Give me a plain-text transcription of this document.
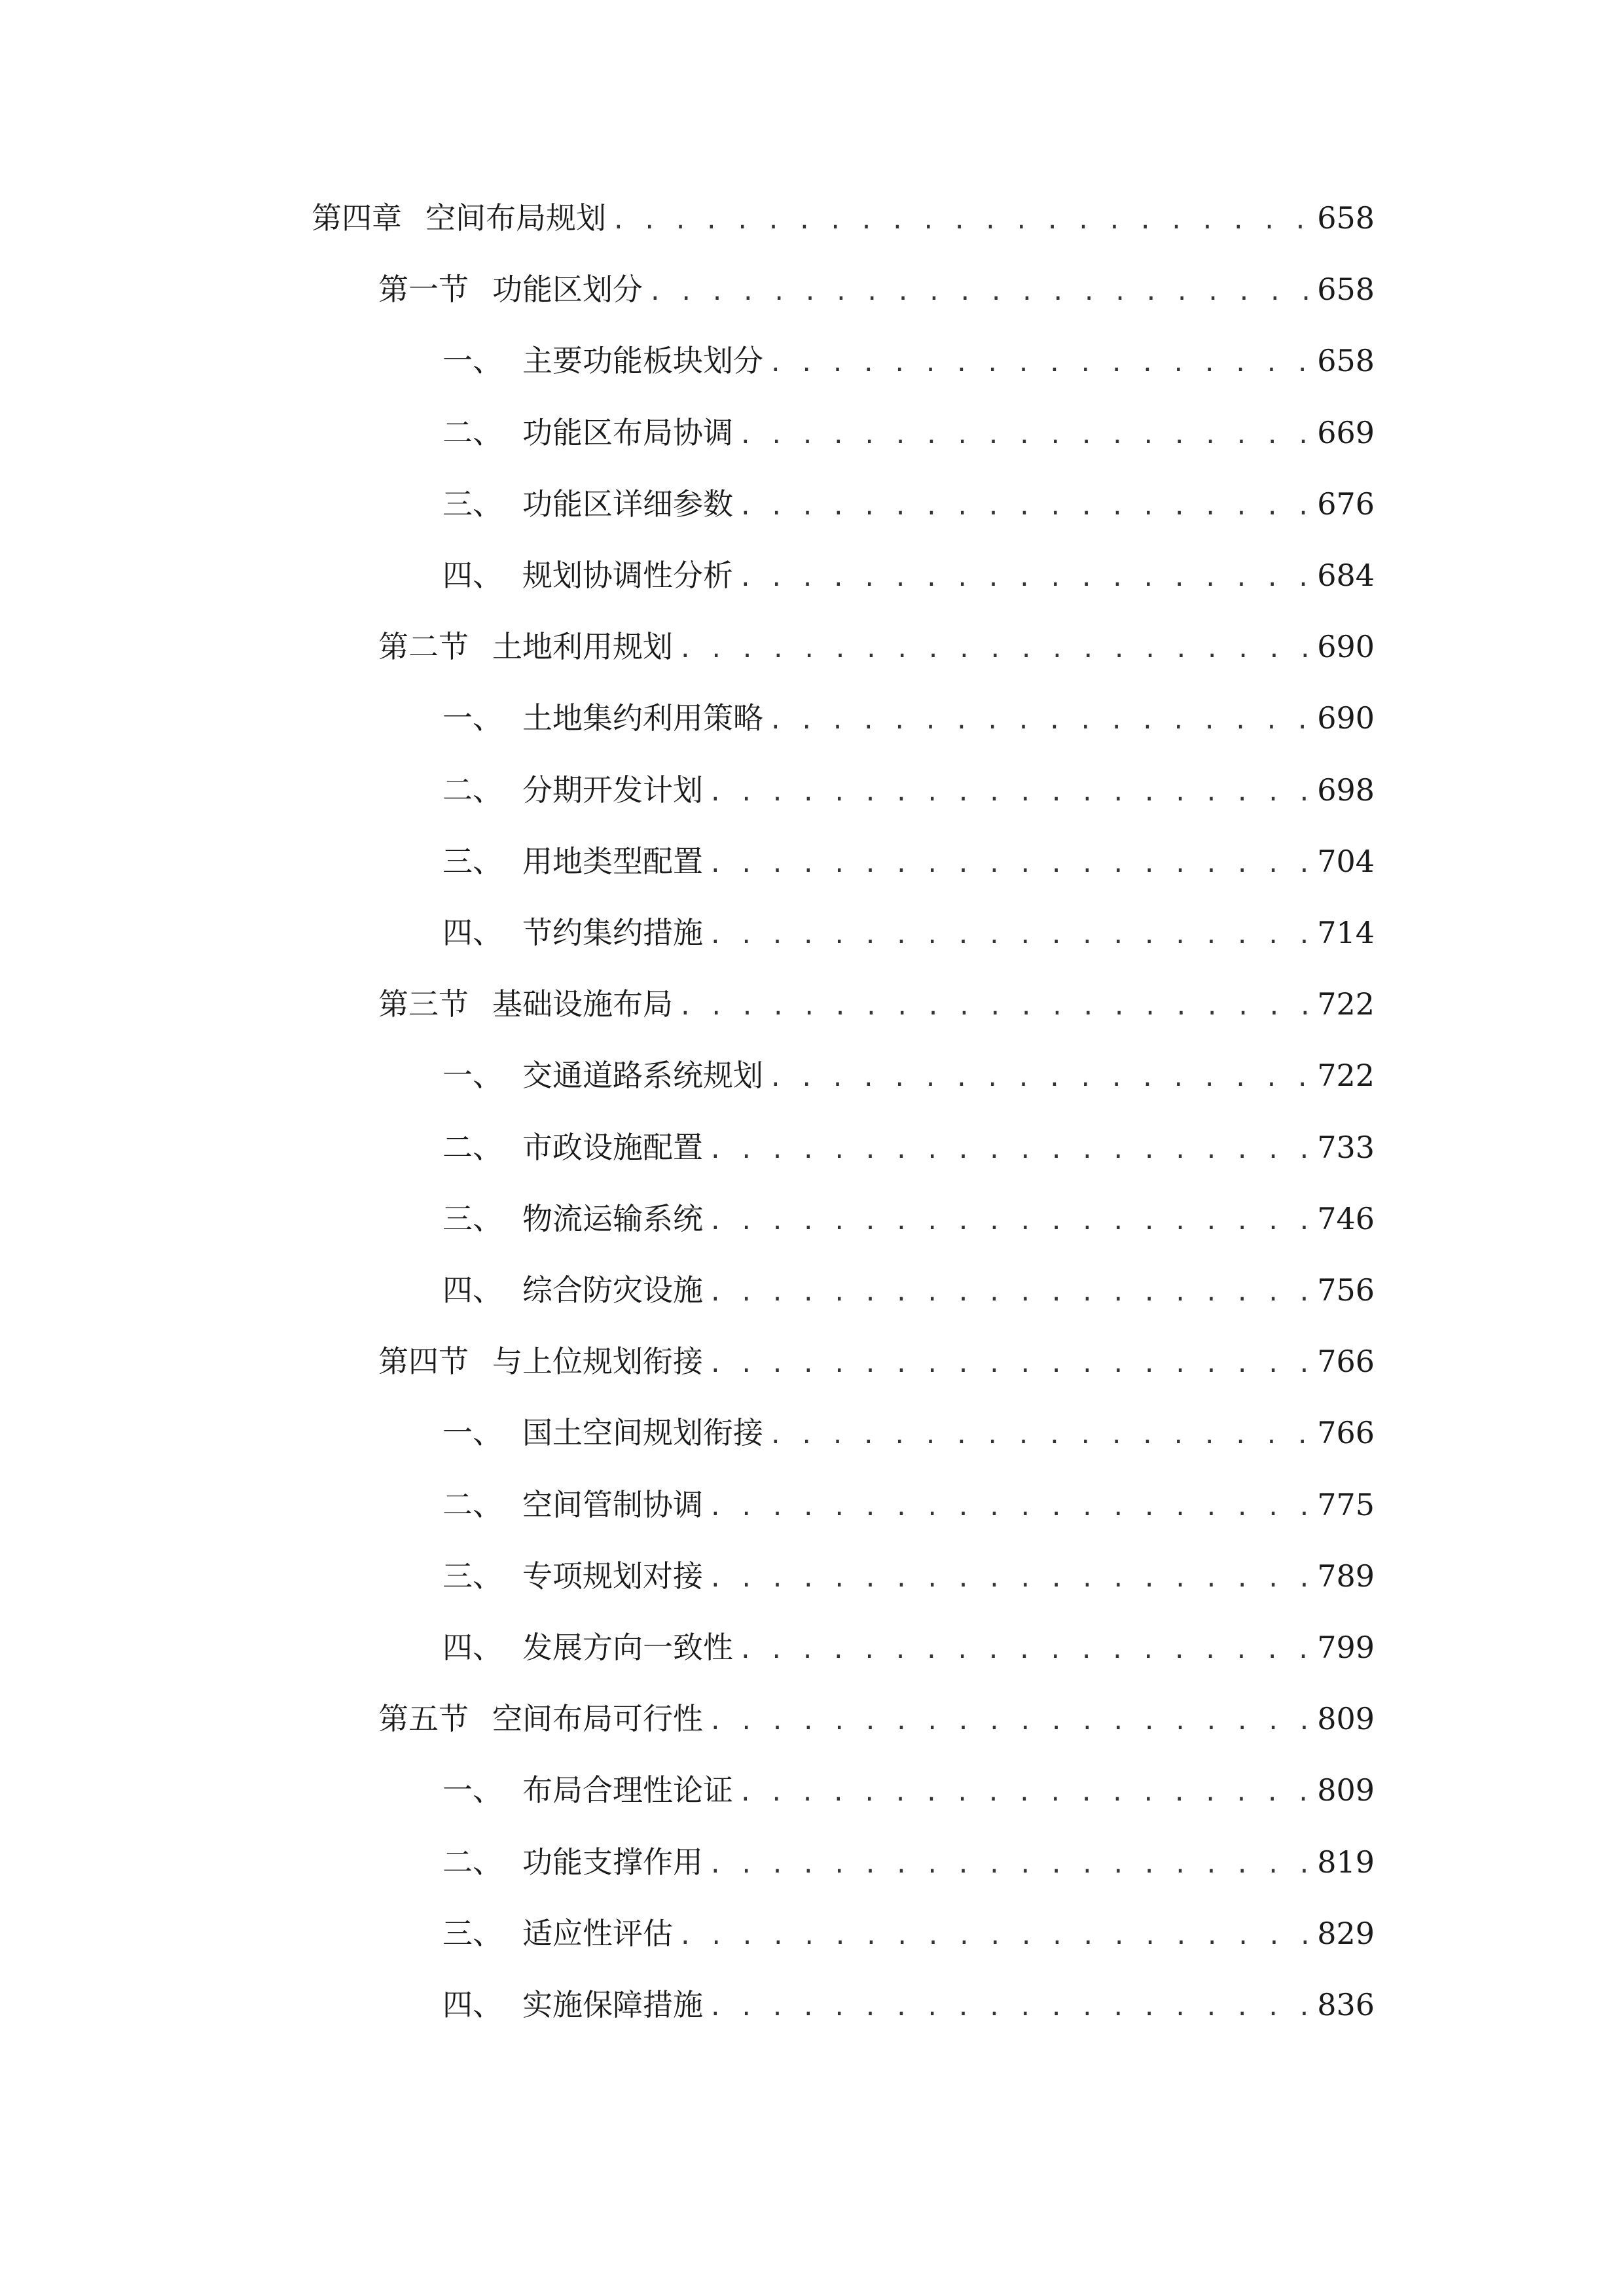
第四章 空间布局规划 . . .	658
第一节 功能区划分 . . .	658
一、 主要功能板块划分 . . .	658
二、 功能区布局协调 . . .	669
三、 功能区详细参数 . . .	676
四、 规划协调性分析 . . .	684
第二节 土地利用规划 . . .	690
一、 土地集约利用策略 . . .	690
二、 分期开发计划 . . .	698
三、 用地类型配置 . . .	704
四、 节约集约措施 . . .	714
第三节 基础设施布局 . . .	722
一、 交通道路系统规划 . . .	722
二、 市政设施配置 . . .	733
三、 物流运输系统 . . .	746
四、 综合防灾设施 . . .	756
第四节 与上位规划衔接 . . .	766
一、 国土空间规划衔接 . . .	766
二、 空间管制协调 . . .	775
三、 专项规划对接 . . .	789
四、 发展方向一致性 . . .	799
第五节 空间布局可行性 . . .	809
一、 布局合理性论证 . . .	809
二、 功能支撑作用 . . .	819
三、 适应性评估 . . .	829
四、 实施保障措施 . . .	836
